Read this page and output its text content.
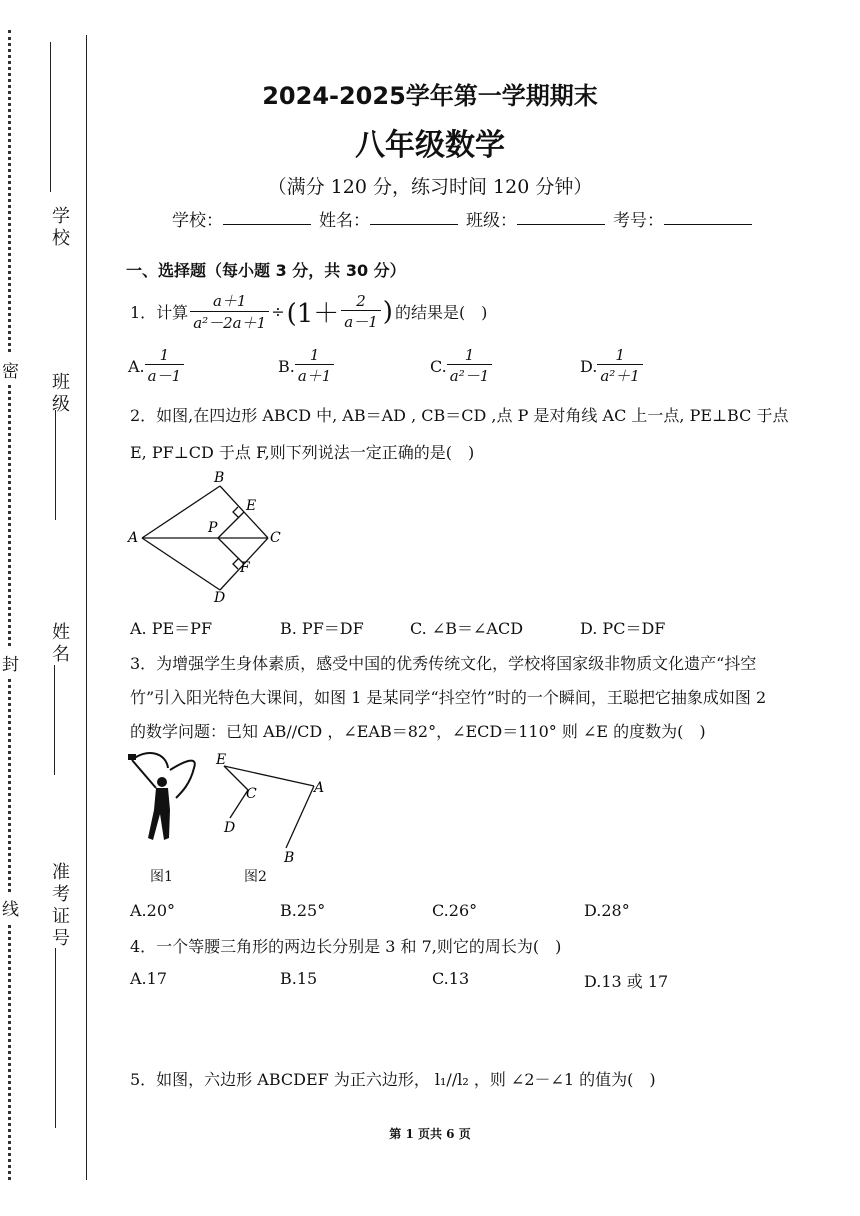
密
封
线
学校
班级
姓名
准考证号
2024-2025学年第一学期期末
八年级数学
（满分 120 分，练习时间 120 分钟）
学校：	姓名：	班级：	考号：
一、选择题（每小题 3 分，共 30 分）
1．计算 $\frac{a+1}{\text{a²－2a＋1}} \div (1+ \frac{2}{a-1}$ ) 的结果是(　)
A. $\frac{1}{a-1}$	B. $\frac{1}{a+1}$	C. $\frac{1}{\text{a²－1}}$	D. $\frac{1}{\text{a²＋1}}$
2．如图,在四边形 ABCD 中, AB＝AD , CB＝CD ,点 P 是对角线 AC 上一点, PE⊥BC 于点
E, PF⊥CD 于点 F,则下列说法一定正确的是(　)
A
B
C
D
E
F
P
A. PE＝PF	B. PF＝DF	C. ∠B＝∠ACD	D. PC＝DF
3．为增强学生身体素质，感受中国的优秀传统文化，学校将国家级非物质文化遗产“抖空
竹”引入阳光特色大课间，如图 1 是某同学“抖空竹”时的一个瞬间，王聪把它抽象成如图 2
的数学问题：已知 AB//CD ，∠EAB＝82°，∠ECD＝110° 则 ∠E 的度数为(　)
图1
E
C	A
D
B
图2
A.20°	B.25°	C.26°	D.28°
4．一个等腰三角形的两边长分别是 3 和 7,则它的周长为(　)
A.17	B.15	C.13	D.13 或 17
5．如图，六边形 ABCDEF 为正六边形， l₁//l₂ ，则 ∠2－∠1 的值为(　)
第 1 页共 6 页
